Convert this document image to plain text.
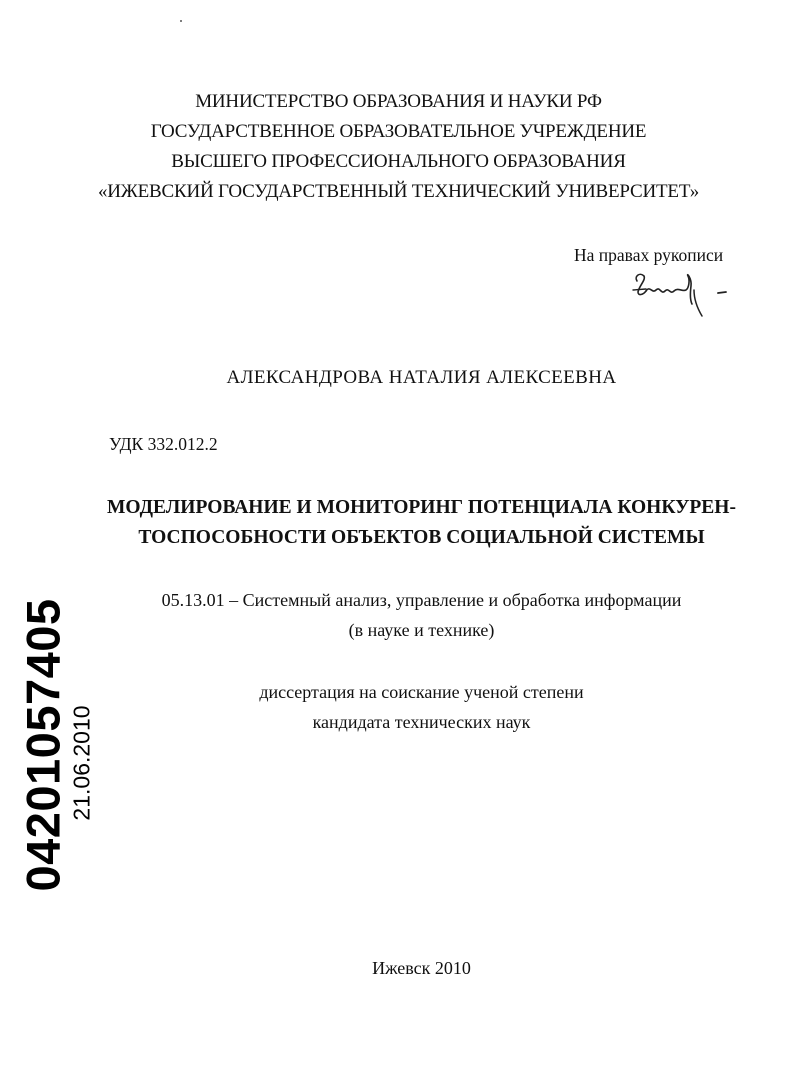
МИНИСТЕРСТВО ОБРАЗОВАНИЯ И НАУКИ РФ
ГОСУДАРСТВЕННОЕ ОБРАЗОВАТЕЛЬНОЕ УЧРЕЖДЕНИЕ
ВЫСШЕГО ПРОФЕССИОНАЛЬНОГО ОБРАЗОВАНИЯ
«ИЖЕВСКИЙ ГОСУДАРСТВЕННЫЙ ТЕХНИЧЕСКИЙ УНИВЕРСИТЕТ»
На правах рукописи
АЛЕКСАНДРОВА НАТАЛИЯ АЛЕКСЕЕВНА
УДК 332.012.2
МОДЕЛИРОВАНИЕ И МОНИТОРИНГ ПОТЕНЦИАЛА КОНКУРЕН-
ТОСПОСОБНОСТИ ОБЪЕКТОВ СОЦИАЛЬНОЙ СИСТЕМЫ
05.13.01 – Системный анализ, управление и обработка информации
(в науке и технике)
диссертация на соискание ученой степени
кандидата технических наук
Ижевск 2010
04201057405 21.06.2010
